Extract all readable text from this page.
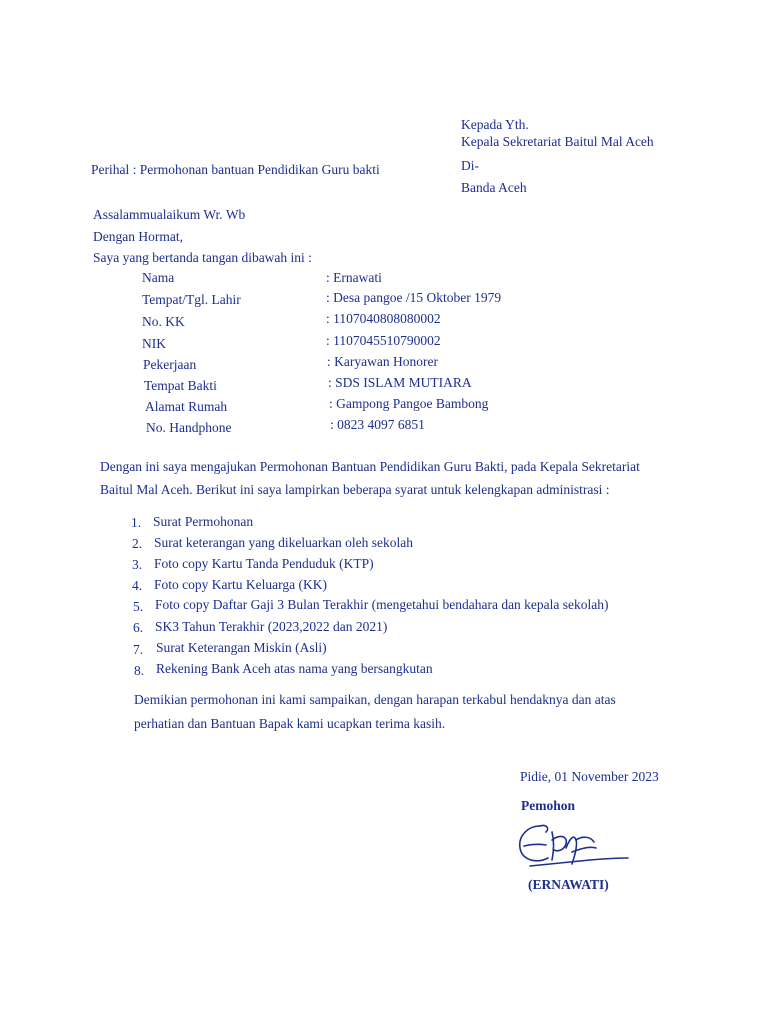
Kepada Yth.
Kepala Sekretariat Baitul Mal Aceh
Di-
Banda Aceh
Perihal : Permohonan bantuan Pendidikan Guru bakti
Assalammualaikum Wr. Wb
Dengan Hormat,
Saya yang bertanda tangan dibawah ini :
Nama	: Ernawati
Tempat/Tgl. Lahir	: Desa pangoe /15 Oktober 1979
No. KK	: 1107040808080002
NIK	: 1107045510790002
Pekerjaan	: Karyawan Honorer
Tempat Bakti	: SDS ISLAM MUTIARA
Alamat Rumah	: Gampong Pangoe Bambong
No. Handphone	: 0823 4097 6851
Dengan ini saya mengajukan Permohonan Bantuan Pendidikan Guru Bakti, pada Kepala Sekretariat
Baitul Mal Aceh. Berikut ini saya lampirkan beberapa syarat untuk kelengkapan administrasi :
1. Surat Permohonan
2. Surat keterangan yang dikeluarkan oleh sekolah
3. Foto copy Kartu Tanda Penduduk (KTP)
4. Foto copy Kartu Keluarga (KK)
5. Foto copy Daftar Gaji 3 Bulan Terakhir (mengetahui bendahara dan kepala sekolah)
6. SK3 Tahun Terakhir (2023,2022 dan 2021)
7. Surat Keterangan Miskin (Asli)
8. Rekening Bank Aceh atas nama yang bersangkutan
Demikian permohonan ini kami sampaikan, dengan harapan terkabul hendaknya dan atas
perhatian dan Bantuan Bapak kami ucapkan terima kasih.
Pidie, 01 November 2023
Pemohon
(ERNAWATI)
